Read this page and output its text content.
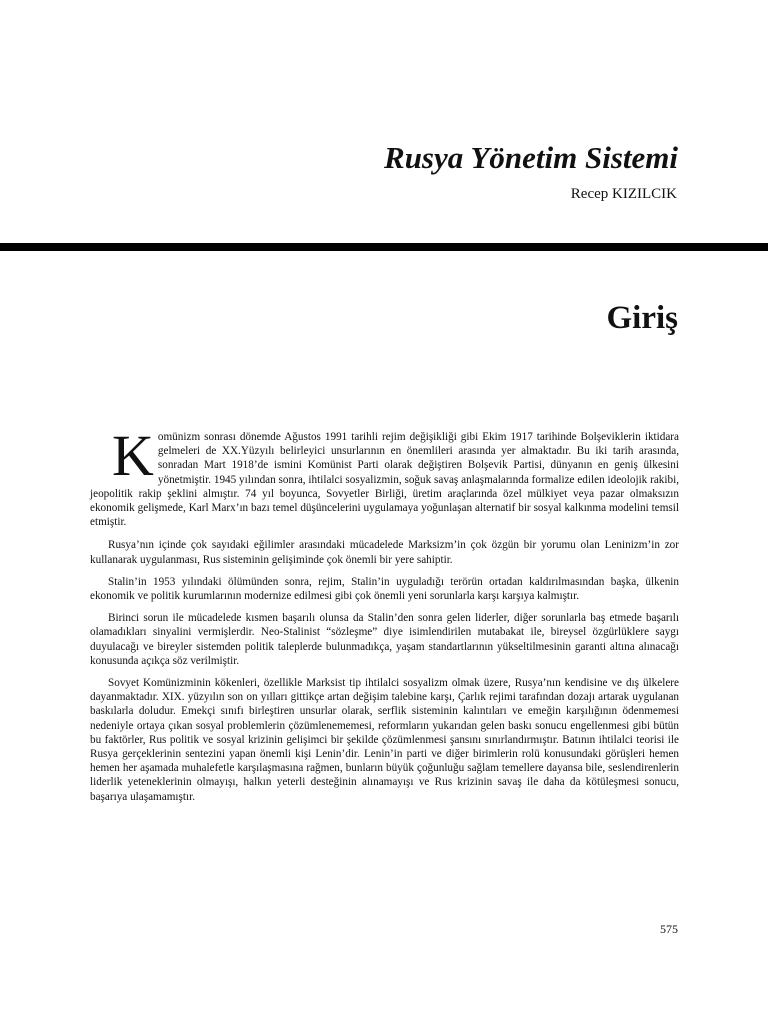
Rusya Yönetim Sistemi
Recep KIZILCIK
Giriş

Komünizm sonrası dönemde Ağustos 1991 tarihli rejim değişikliği gibi Ekim 1917 tarihinde Bolşeviklerin iktidara gelmeleri de XX.Yüzyılı belirleyici unsurlarının en önemlileri arasında yer almaktadır. Bu iki tarih arasında, sonradan Mart 1918’de ismini Komünist Parti olarak değiştiren Bolşevik Partisi, dünyanın en geniş ülkesini yönetmiştir. 1945 yılından sonra, ihtilalci sosyalizmin, soğuk savaş anlaşmalarında formalize edilen ideolojik rakibi, jeopolitik rakip şeklini almıştır. 74 yıl boyunca, Sovyetler Birliği, üretim araçlarında özel mülkiyet veya pazar olmaksızın ekonomik gelişmede, Karl Marx’ın bazı temel düşüncelerini uygulamaya yoğunlaşan alternatif bir sosyal kalkınma modelini temsil etmiştir.

Rusya’nın içinde çok sayıdaki eğilimler arasındaki mücadelede Marksizm’in çok özgün bir yorumu olan Leninizm’in zor kullanarak uygulanması, Rus sisteminin gelişiminde çok önemli bir yere sahiptir.

Stalin’in 1953 yılındaki ölümünden sonra, rejim, Stalin’in uyguladığı terörün ortadan kaldırılmasından başka, ülkenin ekonomik ve politik kurumlarının modernize edilmesi gibi çok önemli yeni sorunlarla karşı karşıya kalmıştır.

Birinci sorun ile mücadelede kısmen başarılı olunsa da Stalin’den sonra gelen liderler, diğer sorunlarla baş etmede başarılı olamadıkları sinyalini vermişlerdir. Neo-Stalinist “sözleşme” diye isimlendirilen mutabakat ile, bireysel özgürlüklere saygı duyulacağı ve bireyler sistemden politik taleplerde bulunmadıkça, yaşam standartlarının yükseltilmesinin garanti altına alınacağı konusunda açıkça söz verilmiştir.

Sovyet Komünizminin kökenleri, özellikle Marksist tip ihtilalci sosyalizm olmak üzere, Rusya’nın kendisine ve dış ülkelere dayanmaktadır. XIX. yüzyılın son on yılları gittikçe artan değişim talebine karşı, Çarlık rejimi tarafından dozajı artarak uygulanan baskılarla doludur. Emekçi sınıfı birleştiren unsurlar olarak, serflik sisteminin kalıntıları ve emeğin karşılığının ödenmemesi nedeniyle ortaya çıkan sosyal problemlerin çözümlenememesi, reformların yukarıdan gelen baskı sonucu engellenmesi gibi bütün bu faktörler, Rus politik ve sosyal krizinin gelişimci bir şekilde çözümlenmesi şansını sınırlandırmıştır. Batının ihtilalci teorisi ile Rusya gerçeklerinin sentezini yapan önemli kişi Lenin’dir. Lenin’in parti ve diğer birimlerin rolü konusundaki görüşleri hemen hemen her aşamada muhalefetle karşılaşmasına rağmen, bunların büyük çoğunluğu sağlam temellere dayansa bile, seslendirenlerin liderlik yeteneklerinin olmayışı, halkın yeterli desteğinin alınamayışı ve Rus krizinin savaş ile daha da kötüleşmesi sonucu, başarıya ulaşamamıştır.

575
